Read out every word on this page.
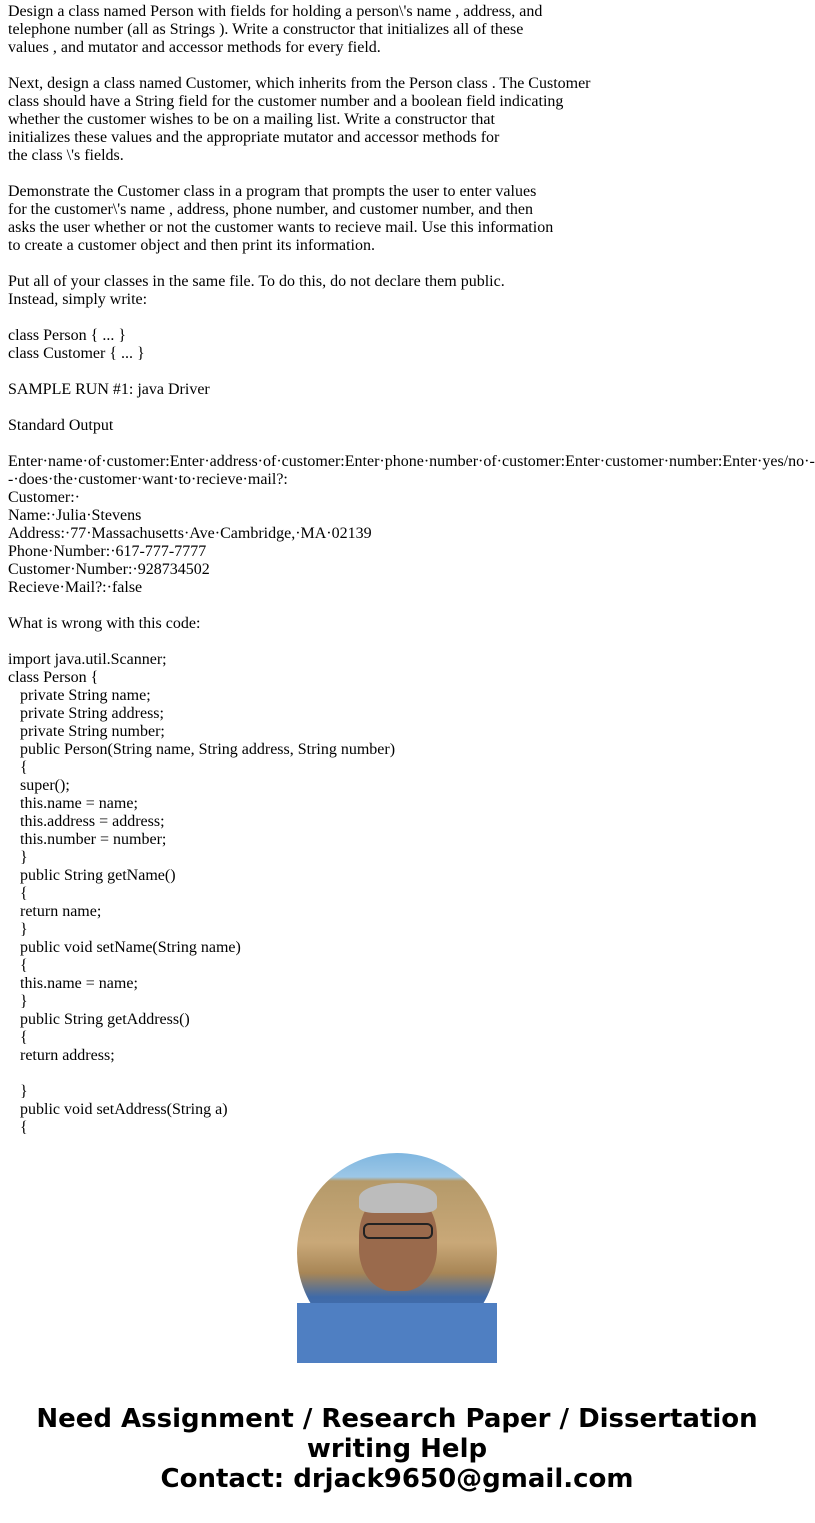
Design a class named Person with fields for holding a person\'s name , address, and
telephone number (all as Strings ). Write a constructor that initializes all of these
values , and mutator and accessor methods for every field.
Next, design a class named Customer, which inherits from the Person class . The Customer
class should have a String field for the customer number and a boolean field indicating
whether the customer wishes to be on a mailing list. Write a constructor that
initializes these values and the appropriate mutator and accessor methods for
the class \'s fields.
Demonstrate the Customer class in a program that prompts the user to enter values
for the customer\'s name , address, phone number, and customer number, and then
asks the user whether or not the customer wants to recieve mail. Use this information
to create a customer object and then print its information.
Put all of your classes in the same file. To do this, do not declare them public.
Instead, simply write:
class Person { ... }
class Customer { ... }
SAMPLE RUN #1: java Driver
Standard Output
Enter·name·of·customer:Enter·address·of·customer:Enter·phone·number·of·customer:Enter·customer·number:Enter·yes/no·-
-·does·the·customer·want·to·recieve·mail?:
Customer:·
Name:·Julia·Stevens
Address:·77·Massachusetts·Ave·Cambridge,·MA·02139
Phone·Number:·617-777-7777
Customer·Number:·928734502
Recieve·Mail?:·false
What is wrong with this code:
import java.util.Scanner;
class Person {
private String name;
private String address;
private String number;
public Person(String name, String address, String number)
{
super();
this.name = name;
this.address = address;
this.number = number;
}
public String getName()
{
return name;
}
public void setName(String name)
{
this.name = name;
}
public String getAddress()
{
return address;
}
public void setAddress(String a)
{
Need Assignment / Research Paper / Dissertation
writing Help
Contact: drjack9650@gmail.com
